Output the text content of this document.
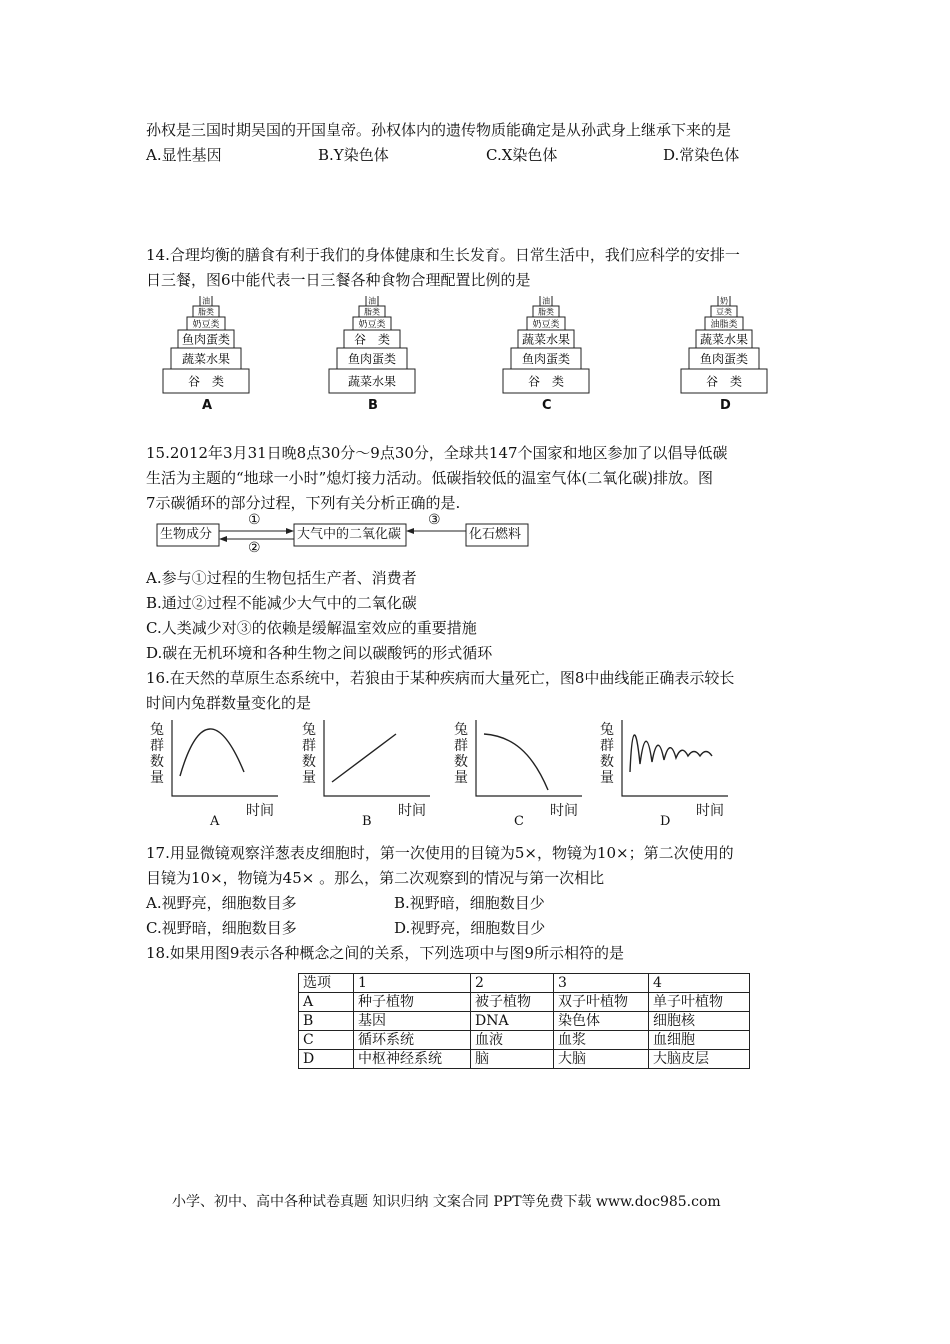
孙权是三国时期吴国的开国皇帝。孙权体内的遗传物质能确定是从孙武身上继承下来的是
A.显性基因	B.Y染色体	C.X染色体	D.常染色体
14.合理均衡的膳食有利于我们的身体健康和生长发育。日常生活中，我们应科学的安排一
日三餐，图6中能代表一日三餐各种食物合理配置比例的是
谷　类
蔬菜水果
鱼肉蛋类
奶豆类
脂类
油
A
蔬菜水果
鱼肉蛋类
谷　类
奶豆类
脂类
油
B
谷　类
鱼肉蛋类
蔬菜水果
奶豆类
脂类
油
C
谷　类
鱼肉蛋类
蔬菜水果
油脂类
豆类
奶
D
15.2012年3月31日晚8点30分～9点30分，全球共147个国家和地区参加了以倡导低碳
生活为主题的“地球一小时”熄灯接力活动。低碳指较低的温室气体(二氧化碳)排放。图
7示碳循环的部分过程，下列有关分析正确的是.
生物成分	大气中的二氧化碳	化石燃料
①
②
③
A.参与①过程的生物包括生产者、消费者
B.通过②过程不能减少大气中的二氧化碳
C.人类减少对③的依赖是缓解温室效应的重要措施
D.碳在无机环境和各种生物之间以碳酸钙的形式循环
16.在天然的草原生态系统中，若狼由于某种疾病而大量死亡，图8中曲线能正确表示较长
时间内兔群数量变化的是
兔群数量
时间
A
兔群数量
时间
B
兔群数量
时间
C
兔群数量
时间
D
17.用显微镜观察洋葱表皮细胞时，第一次使用的目镜为5×，物镜为10×；第二次使用的
目镜为10×，物镜为45× 。那么，第二次观察到的情况与第一次相比
A.视野亮，细胞数目多	B.视野暗，细胞数目少
C.视野暗，细胞数目多	D.视野亮，细胞数目少
18.如果用图9表示各种概念之间的关系，下列选项中与图9所示相符的是
选项	1	2	3	4
A	种子植物	被子植物	双子叶植物	单子叶植物
B	基因	DNA	染色体	细胞核
C	循环系统	血液	血浆	血细胞
D	中枢神经系统	脑	大脑	大脑皮层
小学、初中、高中各种试卷真题 知识归纳 文案合同 PPT等免费下载 www.doc985.com
